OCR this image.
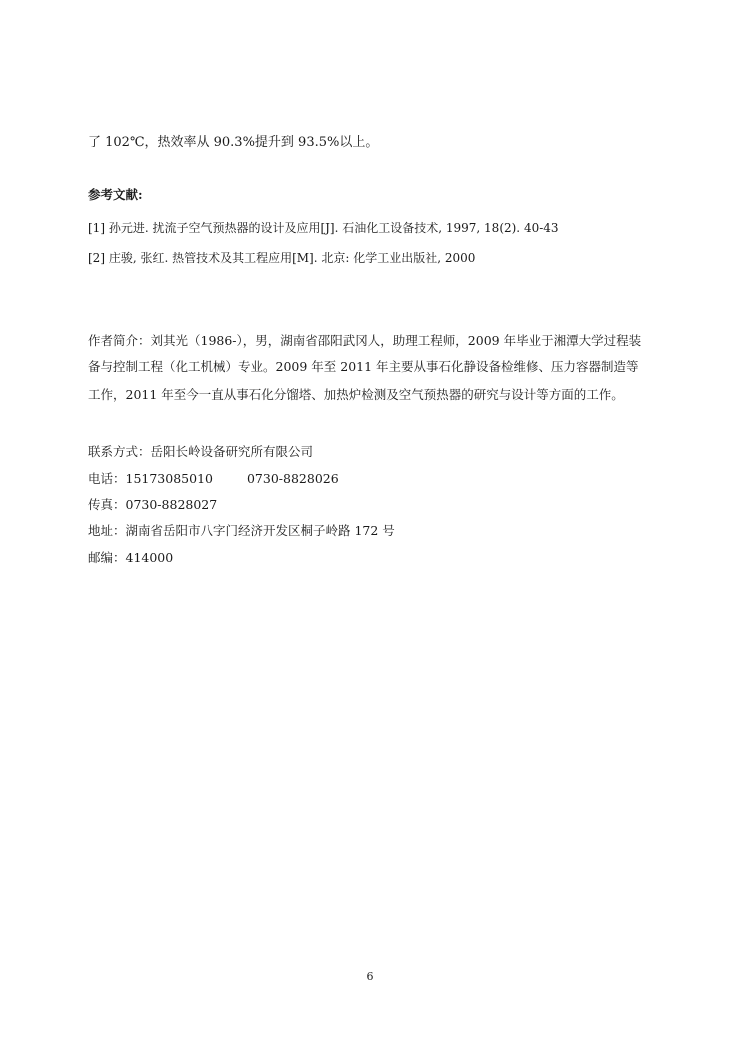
了 102℃，热效率从 90.3%提升到 93.5%以上。
参考文献:
[1] 孙元进. 扰流子空气预热器的设计及应用[J]. 石油化工设备技术, 1997, 18(2). 40-43
[2] 庄骏, 张红. 热管技术及其工程应用[M]. 北京: 化学工业出版社, 2000
作者简介：刘其光（1986-），男，湖南省邵阳武冈人，助理工程师，2009 年毕业于湘潭大学过程装
备与控制工程（化工机械）专业。2009 年至 2011 年主要从事石化静设备检维修、压力容器制造等
工作，2011 年至今一直从事石化分馏塔、加热炉检测及空气预热器的研究与设计等方面的工作。
联系方式：岳阳长岭设备研究所有限公司
电话：15173085010	0730-8828026
传真：0730-8828027
地址：湖南省岳阳市八字门经济开发区桐子岭路 172 号
邮编：414000
6
